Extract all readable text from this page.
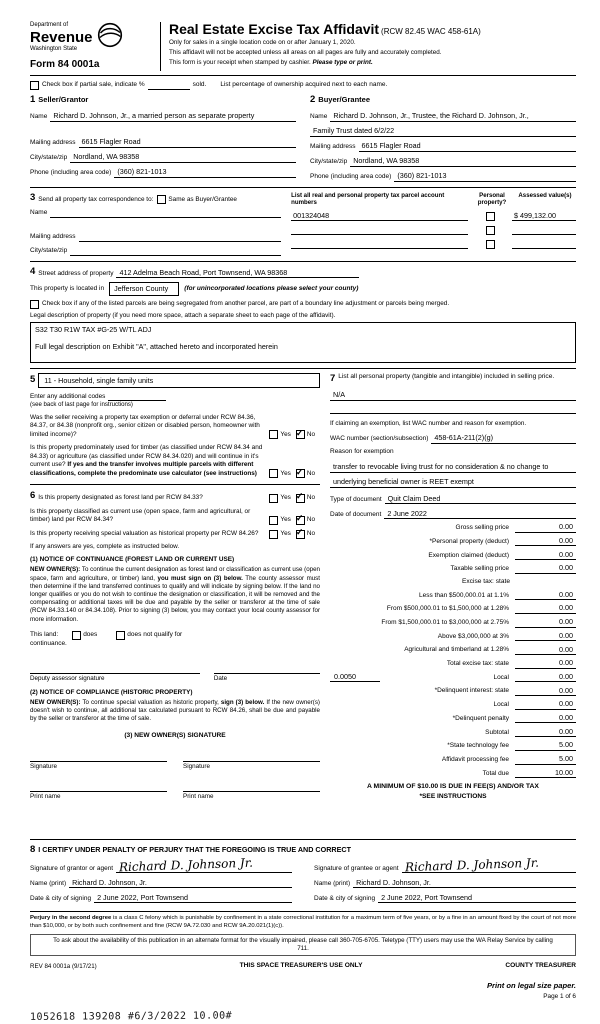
Department of
Revenue
Washington State
Form 84 0001a
Real Estate Excise Tax Affidavit (RCW 82.45 WAC 458-61A)
Only for sales in a single location code on or after January 1, 2020.
This affidavit will not be accepted unless all areas on all pages are fully and accurately completed.
This form is your receipt when stamped by cashier. Please type or print.
Check box if partial sale, indicate %	sold. List percentage of ownership acquired next to each name.
1 Seller/Grantor
Name Richard D. Johnson, Jr., a married person as separate property
Mailing address 6615 Flagler Road
City/state/zip Nordland, WA 98358
Phone (including area code) (360) 821-1013
2 Buyer/Grantee
Name Richard D. Johnson, Jr., Trustee, the Richard D. Johnson, Jr.,
Family Trust dated 6/2/22
Mailing address 6615 Flagler Road
City/state/zip Nordland, WA 98358
Phone (including area code) (360) 821-1013
3 Send all property tax correspondence to: Same as Buyer/Grantee
Name
Mailing address
City/state/zip
List all real and personal property tax parcel account numbers
Personal property?
Assessed value(s)
001324048	$ 499,132.00
4 Street address of property 412 Adelma Beach Road, Port Townsend, WA 98368
This property is located in	Jefferson County	(for unincorporated locations please select your county)
Check box if any of the listed parcels are being segregated from another parcel, are part of a boundary line adjustment or parcels being merged.
Legal description of property (if you need more space, attach a separate sheet to each page of the affidavit).
S32 T30 R1W TAX #G-25 W/TL ADJ
Full legal description on Exhibit "A", attached hereto and incorporated herein
5	11 - Household, single family units
Enter any additional codes
(see back of last page for instructions)
Was the seller receiving a property tax exemption or deferral under RCW 84.36, 84.37, or 84.38 (nonprofit org., senior citizen or disabled person, homeowner with limited income)?	Yes ✓	No
Is this property predominately used for timber (as classified under RCW 84.34 and 84.33) or agriculture (as classified under RCW 84.34.020) and will continue in it's current use? If yes and the transfer involves multiple parcels with different classifications, complete the predominate use calculator (see instructions)	Yes ✓	No
6 Is this property designated as forest land per RCW 84.33?	Yes ✓	No
Is this property classified as current use (open space, farm and agricultural, or timber) land per RCW 84.34?	Yes ✓	No
Is this property receiving special valuation as historical property per RCW 84.26?	Yes ✓	No
If any answers are yes, complete as instructed below.
(1) NOTICE OF CONTINUANCE (FOREST LAND OR CURRENT USE)
NEW OWNER(S): To continue the current designation as forest land or classification as current use (open space, farm and agriculture, or timber) land, you must sign on (3) below. The county assessor must then determine if the land transferred continues to qualify and will indicate by signing below. If the land no longer qualifies or you do not wish to continue the designation or classification, it will be removed and the compensating or additional taxes will be due and payable by the seller or transferor at the time of sale (RCW 84.33.140 or 84.34.108). Prior to signing (3) below, you may contact your local county assessor for more information.
This land:	does	does not qualify for
continuance.
Deputy assessor signature	Date
(2) NOTICE OF COMPLIANCE (HISTORIC PROPERTY)
NEW OWNER(S): To continue special valuation as historic property, sign (3) below. If the new owner(s) doesn't wish to continue, all additional tax calculated pursuant to RCW 84.26, shall be due and payable by the seller or transferor at the time of sale.
(3) NEW OWNER(S) SIGNATURE
Signature	Signature
Print name	Print name
7 List all personal property (tangible and intangible) included in selling price.
N/A
If claiming an exemption, list WAC number and reason for exemption.
WAC number (section/subsection) 458-61A-211(2)(g)
Reason for exemption
transfer to revocable living trust for no consideration & no change to
underlying beneficial owner is REET exempt
Type of document Quit Claim Deed
Date of document 2 June 2022
Gross selling price	0.00
*Personal property (deduct)	0.00
Exemption claimed (deduct)	0.00
Taxable selling price	0.00
Excise tax: state
Less than $500,000.01 at 1.1%	0.00
From $500,000.01 to $1,500,000 at 1.28%	0.00
From $1,500,000.01 to $3,000,000 at 2.75%	0.00
Above $3,000,000 at 3%	0.00
Agricultural and timberland at 1.28%	0.00
Total excise tax: state	0.00
0.0050	Local	0.00
*Delinquent interest: state	0.00
Local	0.00
*Delinquent penalty	0.00
Subtotal	0.00
*State technology fee	5.00
Affidavit processing fee	5.00
Total due	10.00
A MINIMUM OF $10.00 IS DUE IN FEE(S) AND/OR TAX
*SEE INSTRUCTIONS
8 I CERTIFY UNDER PENALTY OF PERJURY THAT THE FOREGOING IS TRUE AND CORRECT
Signature of grantor or agent Richard D. Johnson Jr.
Name (print) Richard D. Johnson, Jr.
Date & city of signing 2 June 2022, Port Townsend
Signature of grantee or agent Richard D. Johnson Jr.
Name (print) Richard D. Johnson, Jr.
Date & city of signing 2 June 2022, Port Townsend
Perjury in the second degree is a class C felony which is punishable by confinement in a state correctional institution for a maximum term of five years, or by a fine in an amount fixed by the court of not more than $10,000, or by both such confinement and fine (RCW 9A.72.030 and RCW 9A.20.021(1)(c)).
To ask about the availability of this publication in an alternate format for the visually impaired, please call 360-705-6705. Teletype (TTY) users may use the WA Relay Service by calling 711.
REV 84 0001a (9/17/21)	THIS SPACE TREASURER'S USE ONLY	COUNTY TREASURER
Print on legal size paper.
Page 1 of 6
1052618 139208 #6/3/2022 10.00#
